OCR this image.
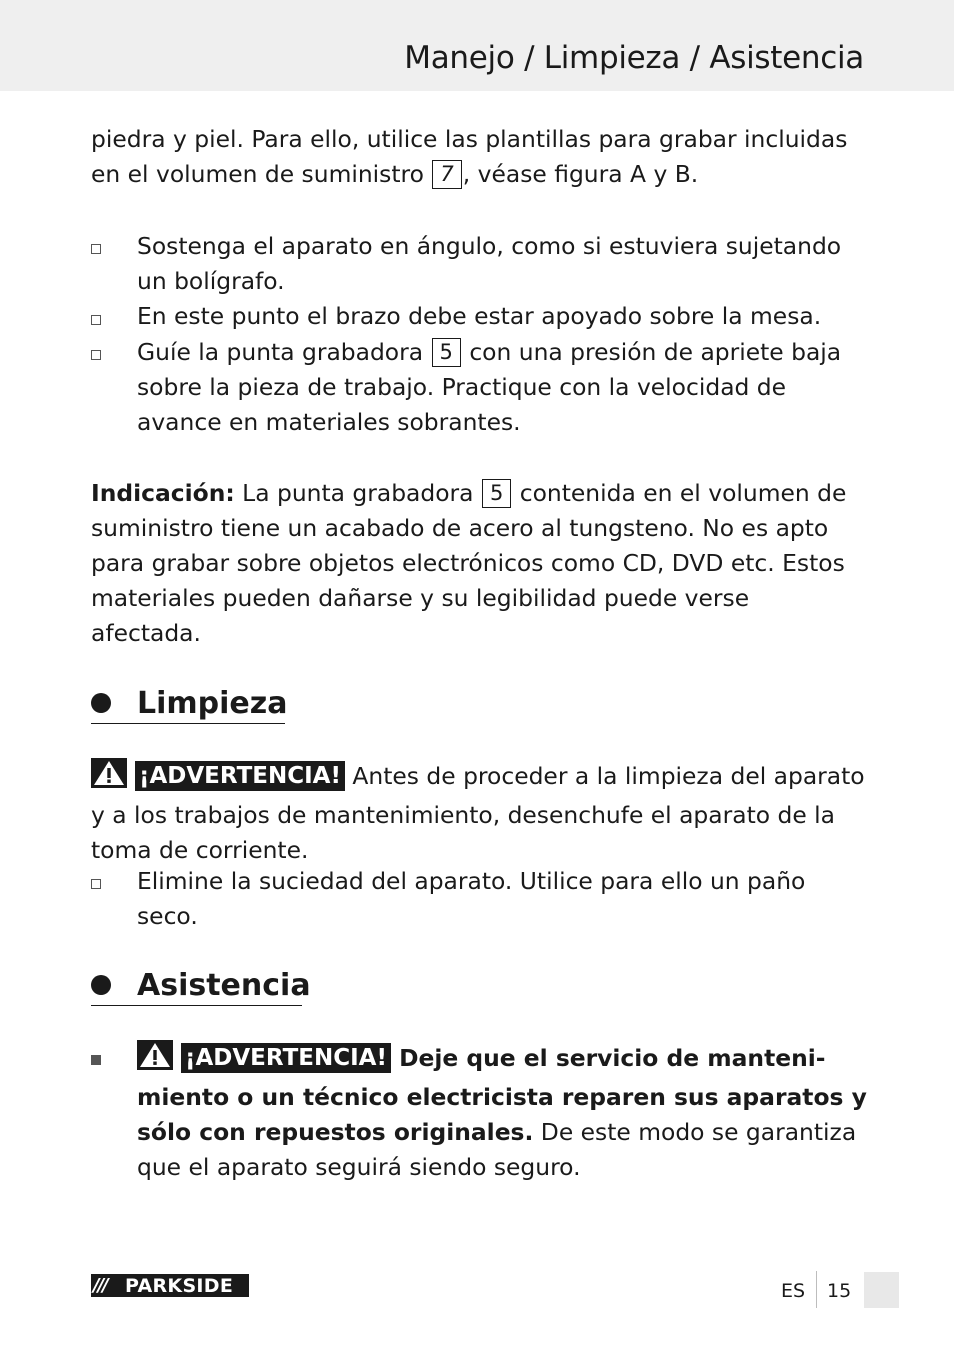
Manejo / Limpieza / Asistencia

piedra y piel. Para ello, utilice las plantillas para grabar incluidas en el volumen de suministro 7 , véase figura A y B.

Sostenga el aparato en ángulo, como si estuviera sujetando un bolígrafo.

En este punto el brazo debe estar apoyado sobre la mesa.

Guíe la punta grabadora 5 con una presión de apriete baja sobre la pieza de trabajo. Practique con la velocidad de avance en materiales sobrantes.

Indicación: La punta grabadora 5 contenida en el volumen de suministro tiene un acabado de acero al tungsteno. No es apto para grabar sobre objetos electrónicos como CD, DVD etc. Estos materiales pueden dañarse y su legibilidad puede verse afectada.

Limpieza

¡ADVERTENCIA! Antes de proceder a la limpieza del aparato y a los trabajos de mantenimiento, desenchufe el aparato de la toma de corriente.

Elimine la suciedad del aparato. Utilice para ello un paño seco.

Asistencia

¡ADVERTENCIA! Deje que el servicio de manteni-miento o un técnico electricista reparen sus aparatos y sólo con repuestos originales. De este modo se garantiza que el aparato seguirá siendo seguro.

/// PARKSIDE	ES 15
